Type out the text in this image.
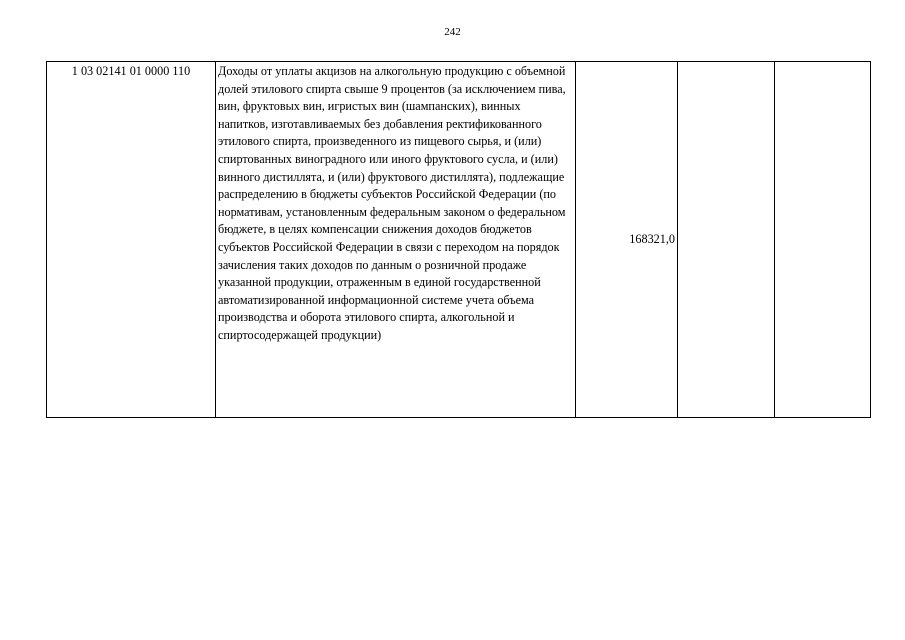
242
1 03 02141 01 0000 110	Доходы от уплаты акцизов на алкогольную продукцию с объемной долей этилового спирта свыше 9 процентов (за исключением пива, вин, фруктовых вин, игристых вин (шампанских), винных напитков, изготавливаемых без добавления ректификованного этилового спирта, произведенного из пищевого сырья, и (или) спиртованных виноградного или иного фруктового сусла, и (или) винного дистиллята, и (или) фруктового дистиллята), подлежащие распределению в бюджеты субъектов Российской Федерации (по нормативам, установленным федеральным законом о федеральном бюджете, в целях компенсации снижения доходов бюджетов субъектов Российской Федерации в связи с переходом на порядок зачисления таких доходов по данным о розничной продаже указанной продукции, отраженным в единой государственной автоматизированной информационной системе учета объема производства и оборота этилового спирта, алкогольной и спиртосодержащей продукции)	168321,0		
